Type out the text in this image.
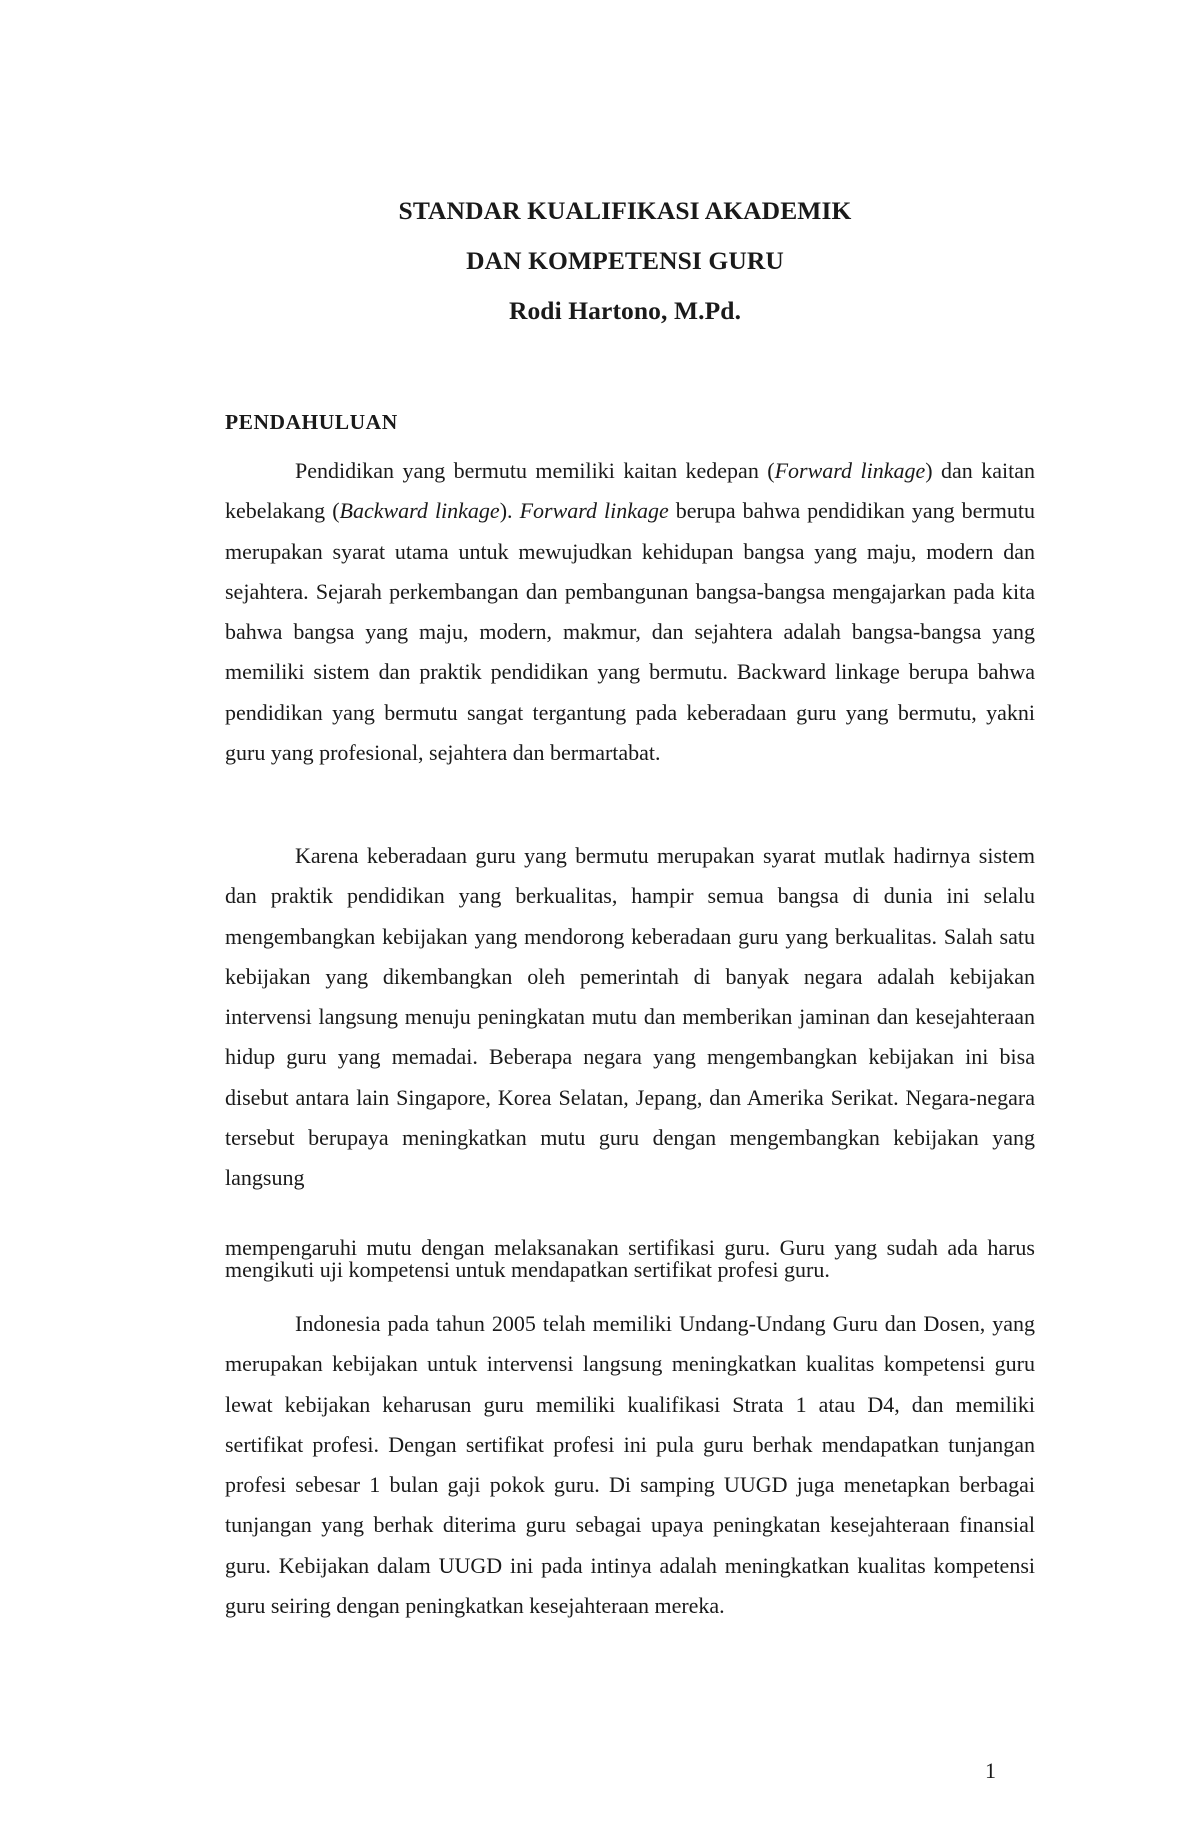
STANDAR KUALIFIKASI AKADEMIK
DAN KOMPETENSI GURU
Rodi Hartono, M.Pd.
PENDAHULUAN

Pendidikan yang bermutu memiliki kaitan kedepan (Forward linkage) dan kaitan kebelakang (Backward linkage). Forward linkage berupa bahwa pendidikan yang bermutu merupakan syarat utama untuk mewujudkan kehidupan bangsa yang maju, modern dan sejahtera. Sejarah perkembangan dan pembangunan bangsa-bangsa mengajarkan pada kita bahwa bangsa yang maju, modern, makmur, dan sejahtera adalah bangsa-bangsa yang memiliki sistem dan praktik pendidikan yang bermutu. Backward linkage berupa bahwa pendidikan yang bermutu sangat tergantung pada keberadaan guru yang bermutu, yakni guru yang profesional, sejahtera dan bermartabat.

Karena keberadaan guru yang bermutu merupakan syarat mutlak hadirnya sistem dan praktik pendidikan yang berkualitas, hampir semua bangsa di dunia ini selalu mengembangkan kebijakan yang mendorong keberadaan guru yang berkualitas. Salah satu kebijakan yang dikembangkan oleh pemerintah di banyak negara adalah kebijakan intervensi langsung menuju peningkatan mutu dan memberikan jaminan dan kesejahteraan hidup guru yang memadai. Beberapa negara yang mengembangkan kebijakan ini bisa disebut antara lain Singapore, Korea Selatan, Jepang, dan Amerika Serikat. Negara-negara tersebut berupaya meningkatkan mutu guru dengan mengembangkan kebijakan yang langsung

mempengaruhi mutu dengan melaksanakan sertifikasi guru. Guru yang sudah ada harus mengikuti uji kompetensi untuk mendapatkan sertifikat profesi guru.

Indonesia pada tahun 2005 telah memiliki Undang-Undang Guru dan Dosen, yang merupakan kebijakan untuk intervensi langsung meningkatkan kualitas kompetensi guru lewat kebijakan keharusan guru memiliki kualifikasi Strata 1 atau D4, dan memiliki sertifikat profesi. Dengan sertifikat profesi ini pula guru berhak mendapatkan tunjangan profesi sebesar 1 bulan gaji pokok guru. Di samping UUGD juga menetapkan berbagai tunjangan yang berhak diterima guru sebagai upaya peningkatan kesejahteraan finansial guru. Kebijakan dalam UUGD ini pada intinya adalah meningkatkan kualitas kompetensi guru seiring dengan peningkatkan kesejahteraan mereka.

1
